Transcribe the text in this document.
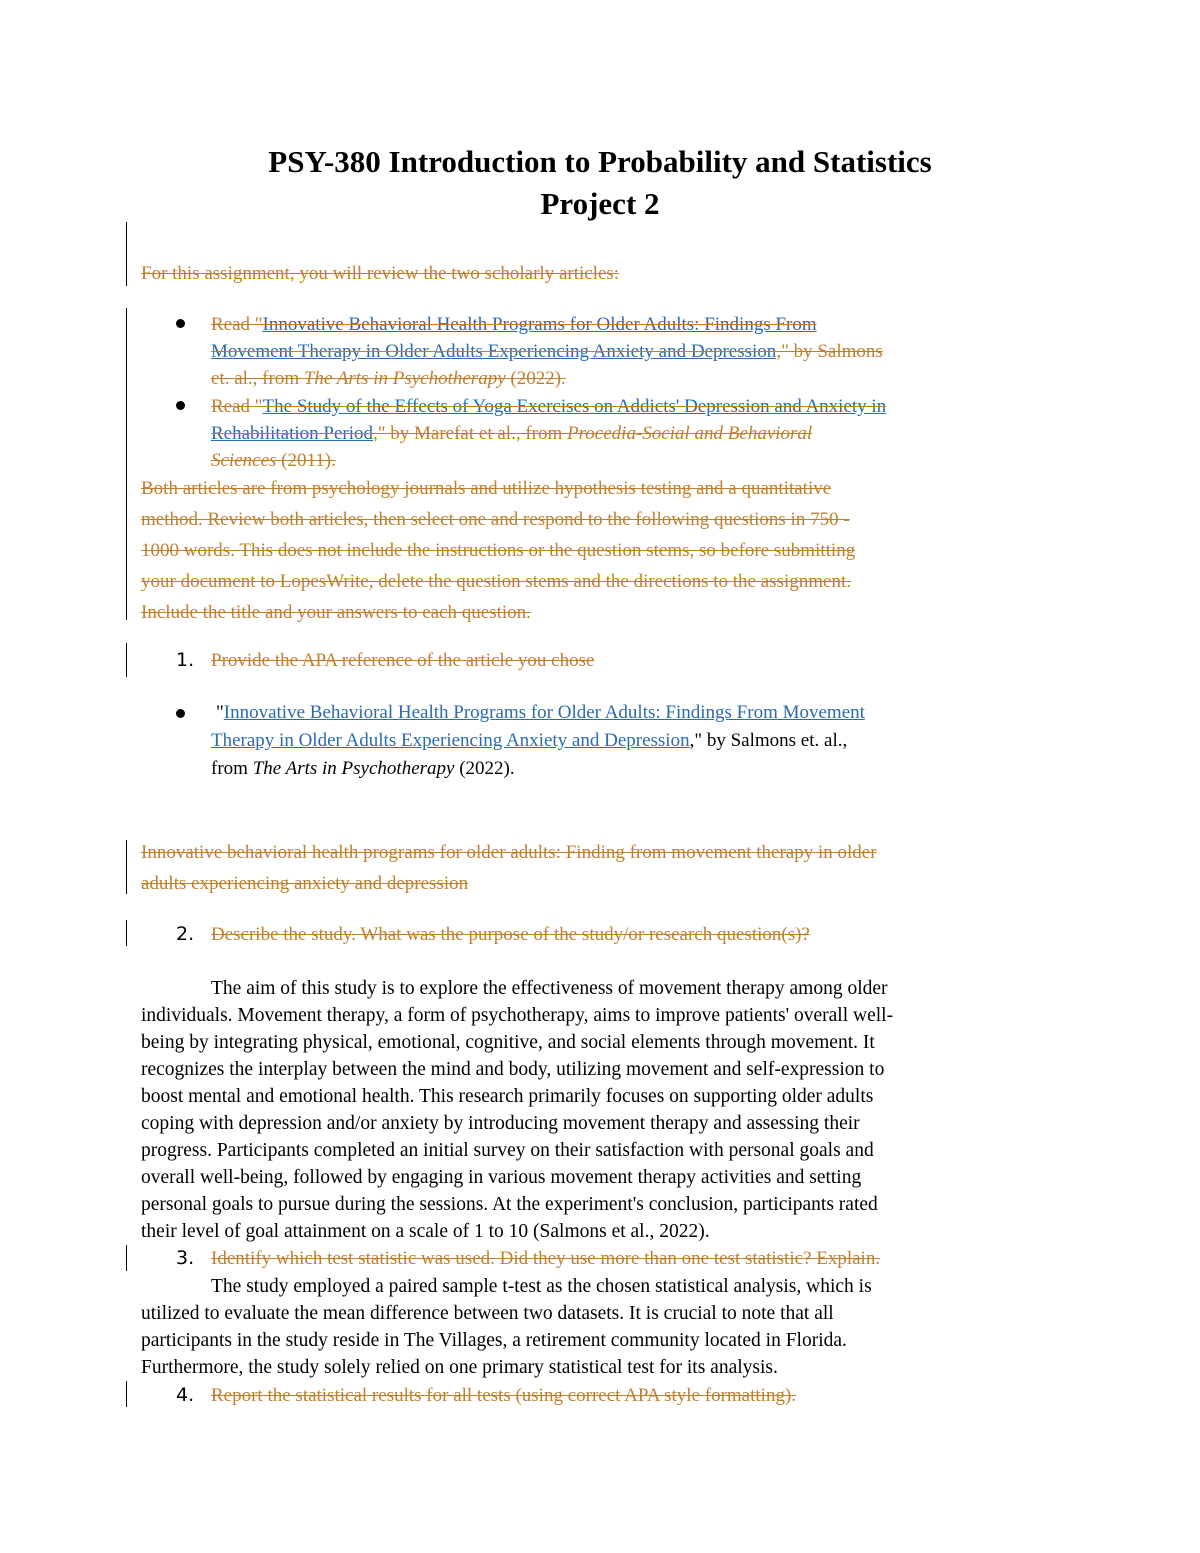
PSY-380 Introduction to Probability and Statistics
Project 2
For this assignment, you will review the two scholarly articles:
Read "Innovative Behavioral Health Programs for Older Adults: Findings From
Movement Therapy in Older Adults Experiencing Anxiety and Depression," by Salmons
et. al., from The Arts in Psychotherapy (2022).
Read "The Study of the Effects of Yoga Exercises on Addicts' Depression and Anxiety in
Rehabilitation Period," by Marefat et al., from Procedia-Social and Behavioral
Sciences (2011).
Both articles are from psychology journals and utilize hypothesis testing and a quantitative
method. Review both articles, then select one and respond to the following questions in 750 -
1000 words. This does not include the instructions or the question stems, so before submitting
your document to LopesWrite, delete the question stems and the directions to the assignment.
Include the title and your answers to each question.
1. Provide the APA reference of the article you chose
"Innovative Behavioral Health Programs for Older Adults: Findings From Movement
Therapy in Older Adults Experiencing Anxiety and Depression," by Salmons et. al.,
from The Arts in Psychotherapy (2022).
Innovative behavioral health programs for older adults: Finding from movement therapy in older
adults experiencing anxiety and depression
2. Describe the study. What was the purpose of the study/or research question(s)?

The aim of this study is to explore the effectiveness of movement therapy among older

individuals. Movement therapy, a form of psychotherapy, aims to improve patients' overall well-

being by integrating physical, emotional, cognitive, and social elements through movement. It

recognizes the interplay between the mind and body, utilizing movement and self-expression to

boost mental and emotional health. This research primarily focuses on supporting older adults

coping with depression and/or anxiety by introducing movement therapy and assessing their

progress. Participants completed an initial survey on their satisfaction with personal goals and

overall well-being, followed by engaging in various movement therapy activities and setting

personal goals to pursue during the sessions. At the experiment's conclusion, participants rated

their level of goal attainment on a scale of 1 to 10 (Salmons et al., 2022).

3. Identify which test statistic was used. Did they use more than one test statistic? Explain.

The study employed a paired sample t-test as the chosen statistical analysis, which is

utilized to evaluate the mean difference between two datasets. It is crucial to note that all

participants in the study reside in The Villages, a retirement community located in Florida.

Furthermore, the study solely relied on one primary statistical test for its analysis.

4. Report the statistical results for all tests (using correct APA style formatting).
